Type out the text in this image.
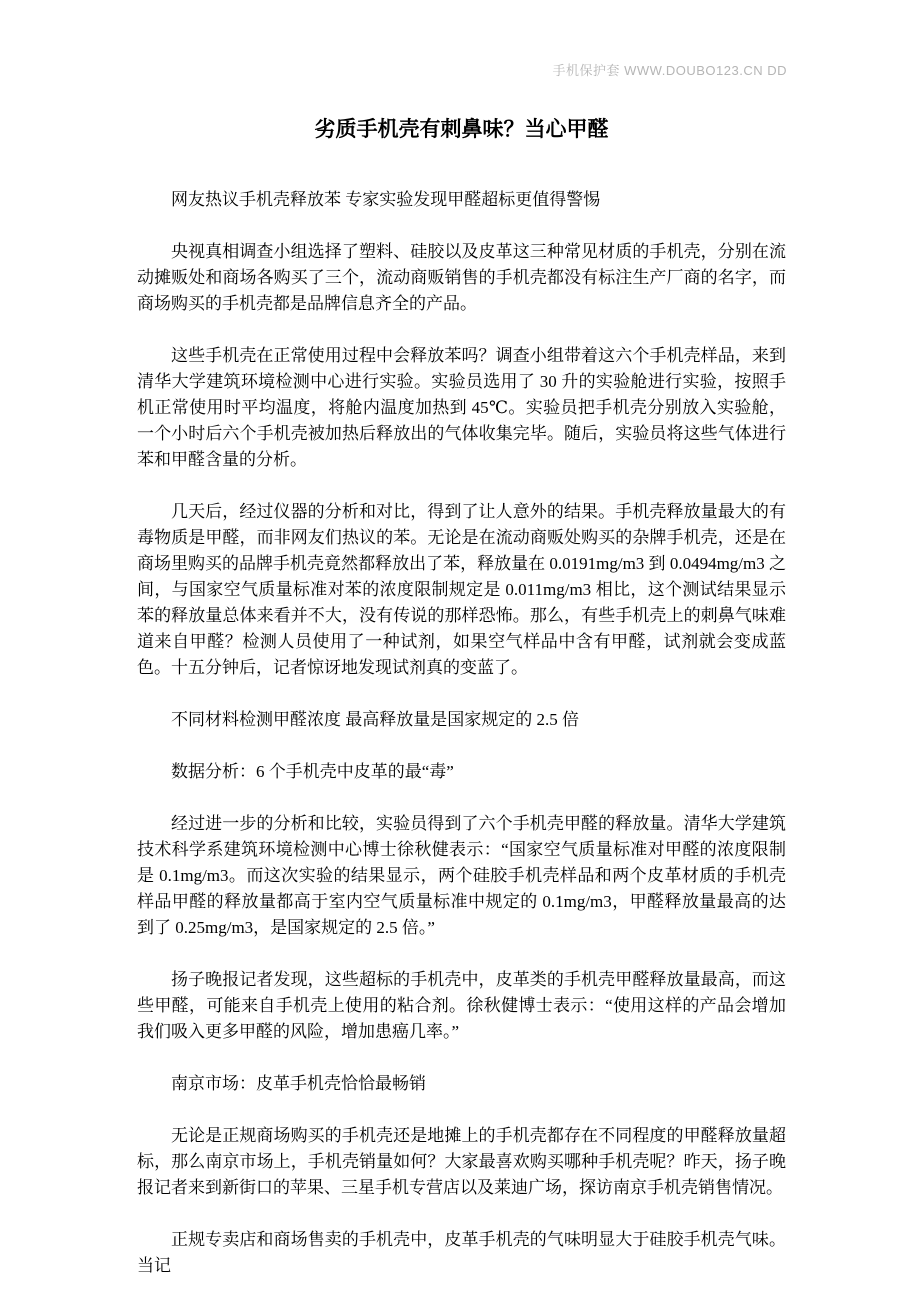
手机保护套 WWW.DOUBO123.CN DD
劣质手机壳有刺鼻味？当心甲醛

网友热议手机壳释放苯 专家实验发现甲醛超标更值得警惕

央视真相调查小组选择了塑料、硅胶以及皮革这三种常见材质的手机壳，分别在流动摊贩处和商场各购买了三个，流动商贩销售的手机壳都没有标注生产厂商的名字，而商场购买的手机壳都是品牌信息齐全的产品。

这些手机壳在正常使用过程中会释放苯吗？调查小组带着这六个手机壳样品，来到清华大学建筑环境检测中心进行实验。实验员选用了 30 升的实验舱进行实验，按照手机正常使用时平均温度，将舱内温度加热到 45℃。实验员把手机壳分别放入实验舱，一个小时后六个手机壳被加热后释放出的气体收集完毕。随后，实验员将这些气体进行苯和甲醛含量的分析。

几天后，经过仪器的分析和对比，得到了让人意外的结果。手机壳释放量最大的有毒物质是甲醛，而非网友们热议的苯。无论是在流动商贩处购买的杂牌手机壳，还是在商场里购买的品牌手机壳竟然都释放出了苯，释放量在 0.0191mg/m3 到 0.0494mg/m3 之间，与国家空气质量标准对苯的浓度限制规定是 0.011mg/m3 相比，这个测试结果显示苯的释放量总体来看并不大，没有传说的那样恐怖。那么，有些手机壳上的刺鼻气味难道来自甲醛？检测人员使用了一种试剂，如果空气样品中含有甲醛，试剂就会变成蓝色。十五分钟后，记者惊讶地发现试剂真的变蓝了。

不同材料检测甲醛浓度 最高释放量是国家规定的 2.5 倍

数据分析：6 个手机壳中皮革的最“毒”

经过进一步的分析和比较，实验员得到了六个手机壳甲醛的释放量。清华大学建筑技术科学系建筑环境检测中心博士徐秋健表示：“国家空气质量标准对甲醛的浓度限制是 0.1mg/m3。而这次实验的结果显示，两个硅胶手机壳样品和两个皮革材质的手机壳样品甲醛的释放量都高于室内空气质量标准中规定的 0.1mg/m3，甲醛释放量最高的达到了 0.25mg/m3，是国家规定的 2.5 倍。”

扬子晚报记者发现，这些超标的手机壳中，皮革类的手机壳甲醛释放量最高，而这些甲醛，可能来自手机壳上使用的粘合剂。徐秋健博士表示：“使用这样的产品会增加我们吸入更多甲醛的风险，增加患癌几率。”

南京市场：皮革手机壳恰恰最畅销

无论是正规商场购买的手机壳还是地摊上的手机壳都存在不同程度的甲醛释放量超标，那么南京市场上，手机壳销量如何？大家最喜欢购买哪种手机壳呢？昨天，扬子晚报记者来到新街口的苹果、三星手机专营店以及莱迪广场，探访南京手机壳销售情况。

正规专卖店和商场售卖的手机壳中，皮革手机壳的气味明显大于硅胶手机壳气味。当记
